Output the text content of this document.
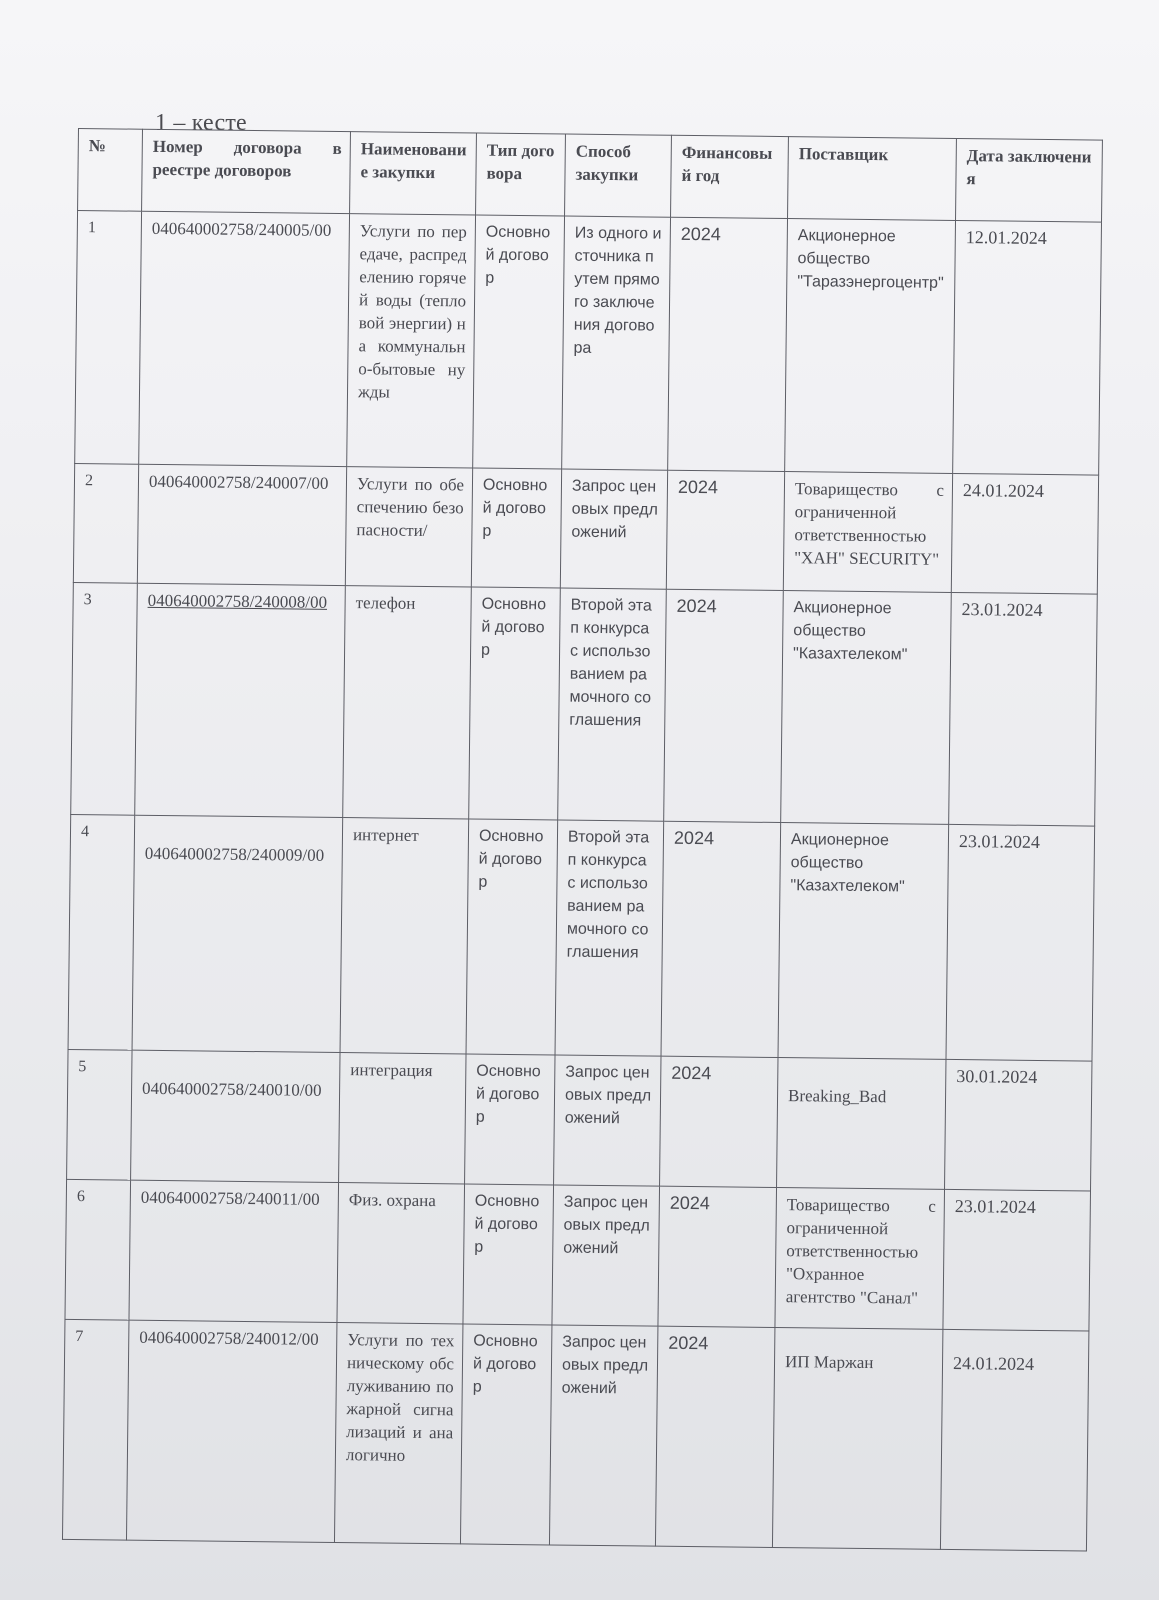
1 – кесте
№	Номер договора в реестре договоров	Наименование закупки	Тип договора	Способ закупки	Финансовый год	Поставщик	Дата заключения
1	040640002758/240005/00	Услуги по передаче, распределению горячей воды (тепловой энергии) на коммунально-бытовые нужды	Основной договор	Из одного источника путем прямого заключения договора	2024	Акционерное общество "Таразэнергоцентр"	12.01.2024
2	040640002758/240007/00	Услуги по обеспечению безопасности/	Основной договор	Запрос ценовых предложений	2024	Товарищество с ограниченной ответственностью "ХАН" SECURITY"	24.01.2024
3	040640002758/240008/00	телефон	Основной договор	Второй этап конкурса с использованием рамочного соглашения	2024	Акционерное общество "Казахтелеком"	23.01.2024
4	040640002758/240009/00	интернет	Основной договор	Второй этап конкурса с использованием рамочного соглашения	2024	Акционерное общество "Казахтелеком"	23.01.2024
5	040640002758/240010/00	интеграция	Основной договор	Запрос ценовых предложений	2024	Breaking_Bad	30.01.2024
6	040640002758/240011/00	Физ. охрана	Основной договор	Запрос ценовых предложений	2024	Товарищество с ограниченной ответственностью "Охранное агентство "Санал"	23.01.2024
7	040640002758/240012/00	Услуги по техническому обслуживанию пожарной сигнализаций и аналогично	Основной договор	Запрос ценовых предложений	2024	ИП Маржан	24.01.2024
